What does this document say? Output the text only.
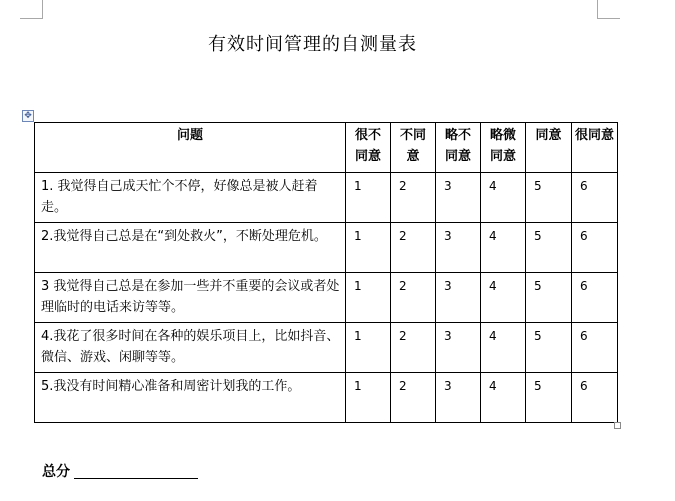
有效时间管理的自测量表
✥
问题	很不同意	不同意	略不同意	略微同意	同意	很同意
1. 我觉得自己成天忙个不停，好像总是被人赶着走。	1	2	3	4	5	6
2.我觉得自己总是在“到处救火”，不断处理危机。	1	2	3	4	5	6
3 我觉得自己总是在参加一些并不重要的会议或者处理临时的电话来访等等。	1	2	3	4	5	6
4.我花了很多时间在各种的娱乐项目上，比如抖音、微信、游戏、闲聊等等。	1	2	3	4	5	6
5.我没有时间精心准备和周密计划我的工作。	1	2	3	4	5	6
总分
